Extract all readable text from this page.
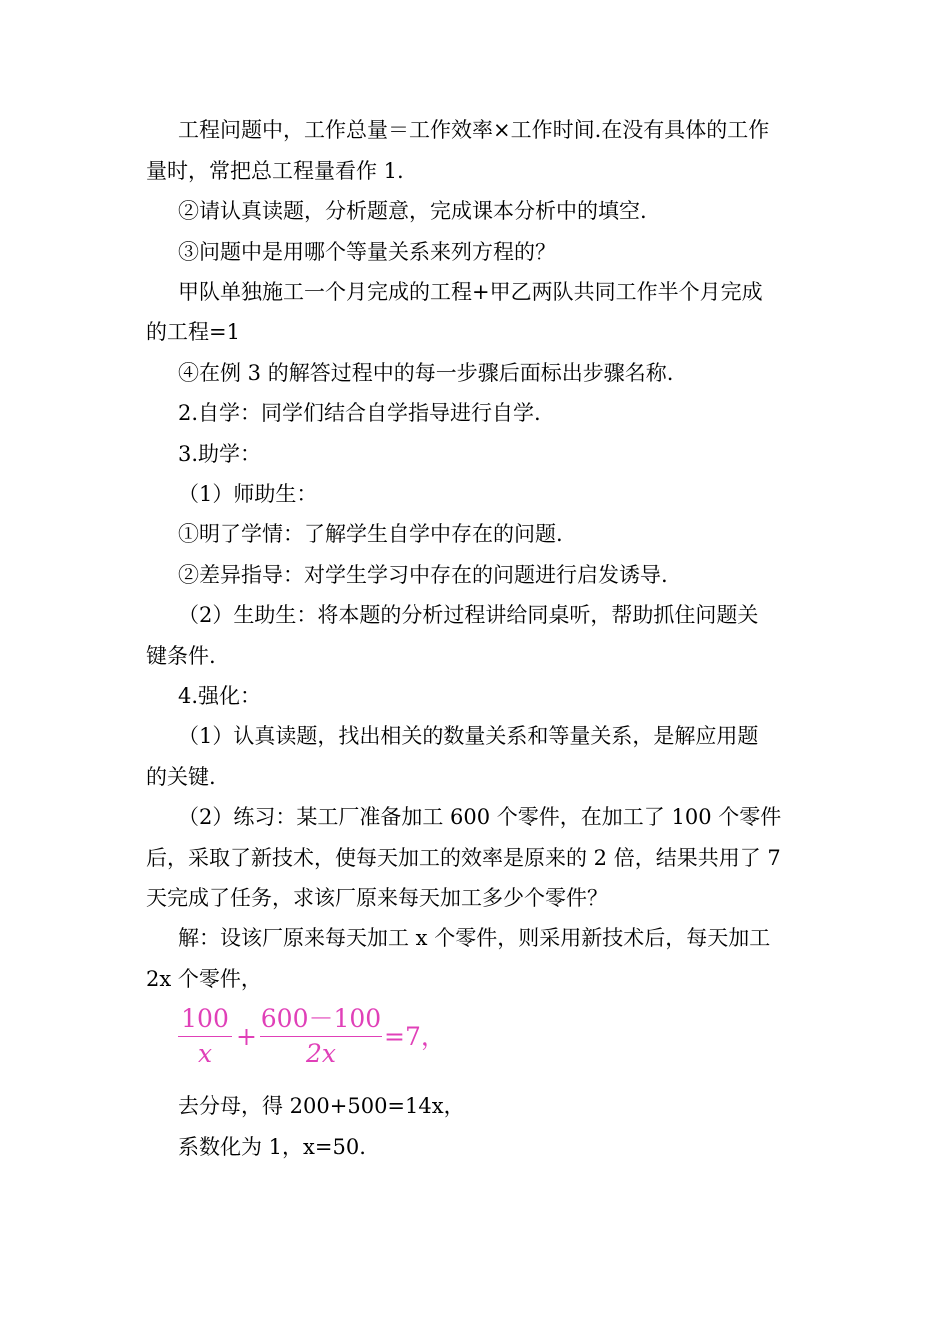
工程问题中，工作总量＝工作效率×工作时间.在没有具体的工作

量时，常把总工程量看作 1.

②请认真读题，分析题意，完成课本分析中的填空.

③问题中是用哪个等量关系来列方程的？

甲队单独施工一个月完成的工程+甲乙两队共同工作半个月完成

的工程=1

④在例 3 的解答过程中的每一步骤后面标出步骤名称.

2.自学：同学们结合自学指导进行自学.

3.助学：

（1）师助生：

①明了学情：了解学生自学中存在的问题.

②差异指导：对学生学习中存在的问题进行启发诱导.

（2）生助生：将本题的分析过程讲给同桌听，帮助抓住问题关

键条件.

4.强化：

（1）认真读题，找出相关的数量关系和等量关系，是解应用题

的关键.

（2）练习：某工厂准备加工 600 个零件，在加工了 100 个零件

后，采取了新技术，使每天加工的效率是原来的 2 倍，结果共用了 7

天完成了任务，求该厂原来每天加工多少个零件？

解：设该厂原来每天加工 x 个零件，则采用新技术后，每天加工

2x 个零件，

100
x
+
600－100
2x
=7，

去分母，得 200+500=14x，

系数化为 1，x=50.
